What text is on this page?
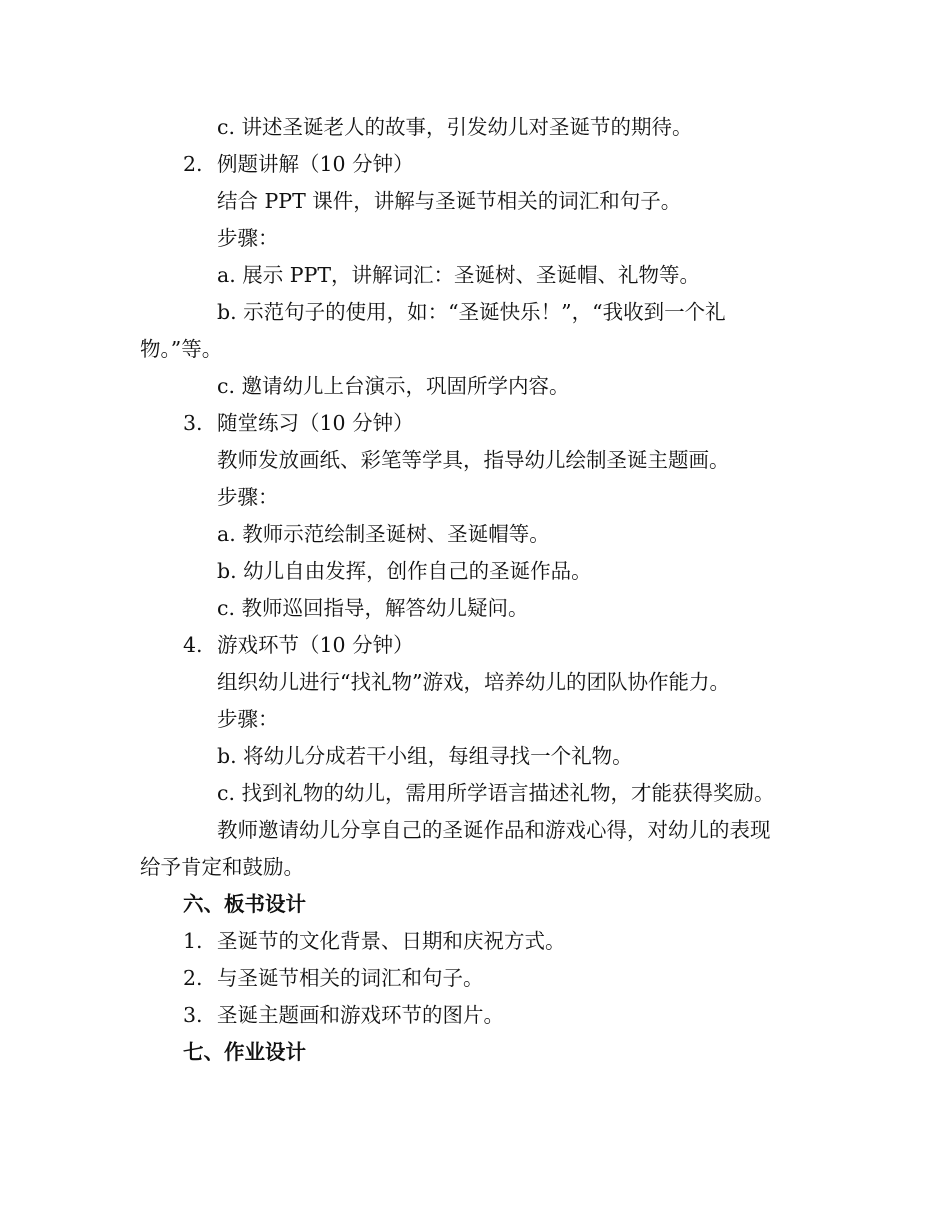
c. 讲述圣诞老人的故事，引发幼儿对圣诞节的期待。
2. 例题讲解（10 分钟）
结合 PPT 课件，讲解与圣诞节相关的词汇和句子。
步骤：
a. 展示 PPT，讲解词汇：圣诞树、圣诞帽、礼物等。
b. 示范句子的使用，如：“圣诞快乐！”，“我收到一个礼
物。”等。
c. 邀请幼儿上台演示，巩固所学内容。
3. 随堂练习（10 分钟）
教师发放画纸、彩笔等学具，指导幼儿绘制圣诞主题画。
步骤：
a. 教师示范绘制圣诞树、圣诞帽等。
b. 幼儿自由发挥，创作自己的圣诞作品。
c. 教师巡回指导，解答幼儿疑问。
4. 游戏环节（10 分钟）
组织幼儿进行“找礼物”游戏，培养幼儿的团队协作能力。
步骤：
b. 将幼儿分成若干小组，每组寻找一个礼物。
c. 找到礼物的幼儿，需用所学语言描述礼物，才能获得奖励。
教师邀请幼儿分享自己的圣诞作品和游戏心得，对幼儿的表现
给予肯定和鼓励。
六、板书设计
1. 圣诞节的文化背景、日期和庆祝方式。
2. 与圣诞节相关的词汇和句子。
3. 圣诞主题画和游戏环节的图片。
七、作业设计
